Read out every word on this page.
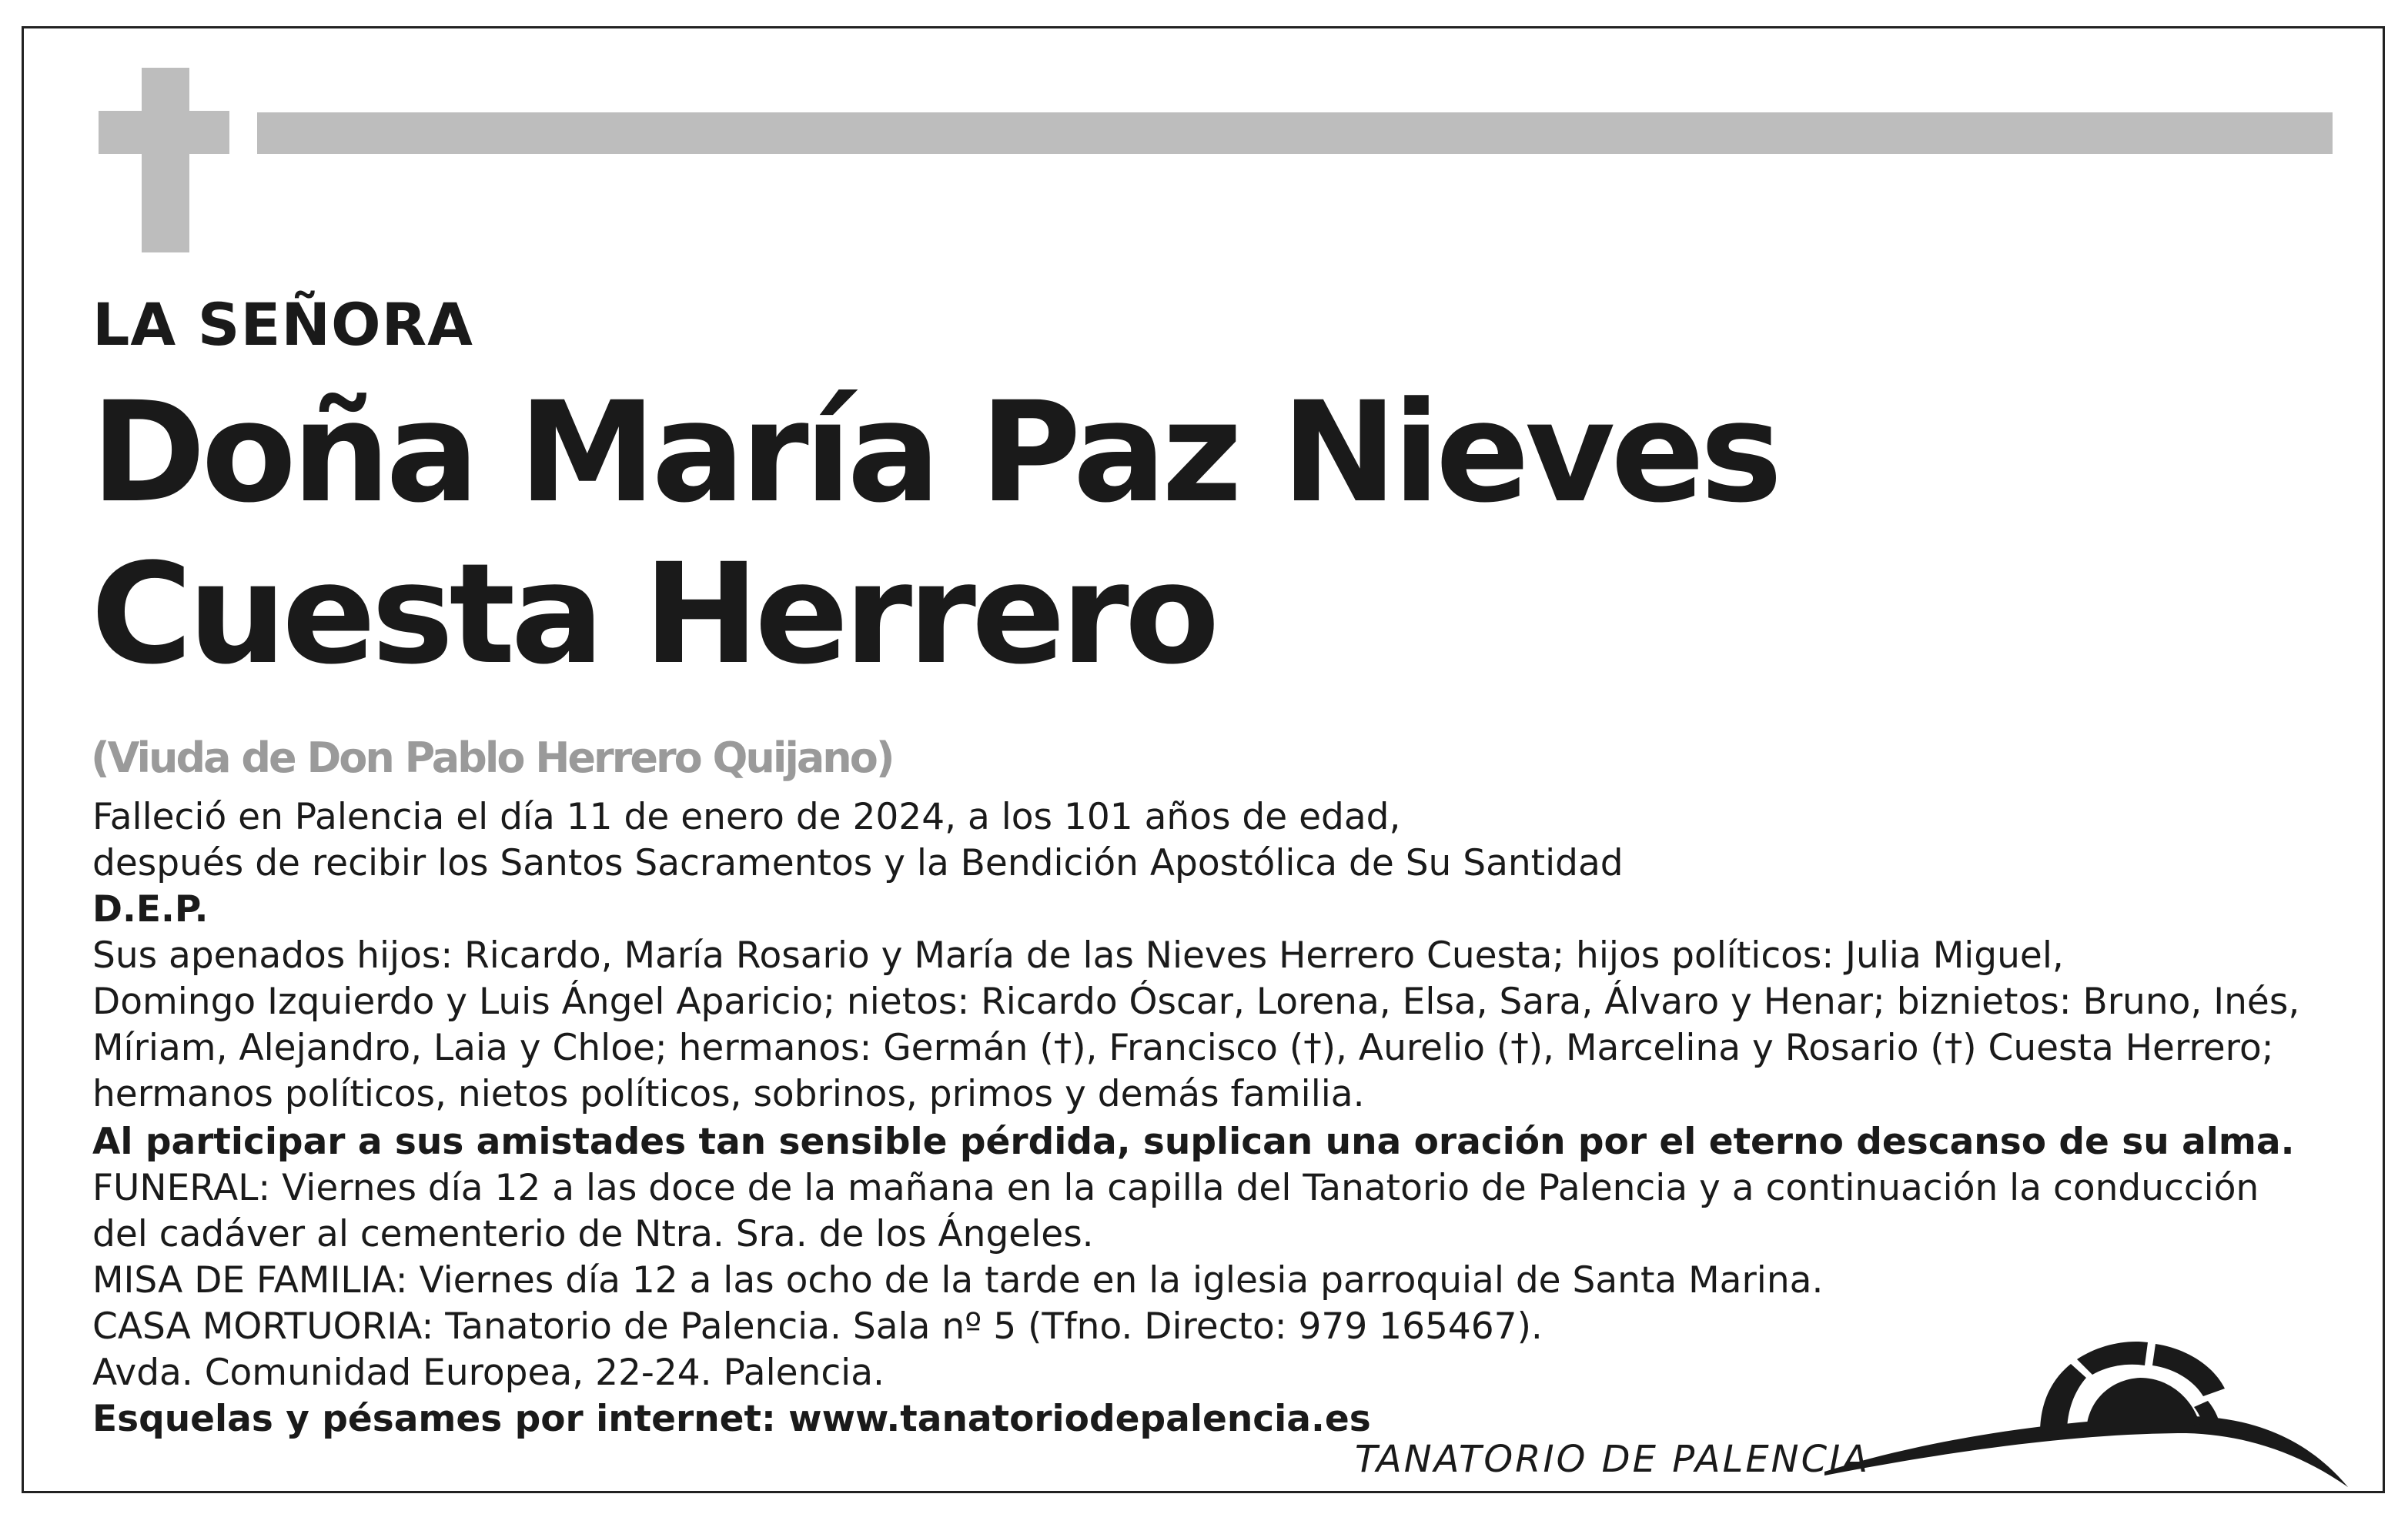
LA SEÑORA
Doña María Paz Nieves
Cuesta Herrero
(Viuda de Don Pablo Herrero Quijano)
Falleció en Palencia el día 11 de enero de 2024, a los 101 años de edad,
después de recibir los Santos Sacramentos y la Bendición Apostólica de Su Santidad
D.E.P.
Sus apenados hijos: Ricardo, María Rosario y María de las Nieves Herrero Cuesta; hijos políticos: Julia Miguel,
Domingo Izquierdo y Luis Ángel Aparicio; nietos: Ricardo Óscar, Lorena, Elsa, Sara, Álvaro y Henar; biznietos: Bruno, Inés,
Míriam, Alejandro, Laia y Chloe; hermanos: Germán (†), Francisco (†), Aurelio (†), Marcelina y Rosario (†) Cuesta Herrero;
hermanos políticos, nietos políticos, sobrinos, primos y demás familia.
Al participar a sus amistades tan sensible pérdida, suplican una oración por el eterno descanso de su alma.
FUNERAL: Viernes día 12 a las doce de la mañana en la capilla del Tanatorio de Palencia y a continuación la conducción
del cadáver al cementerio de Ntra. Sra. de los Ángeles.
MISA DE FAMILIA: Viernes día 12 a las ocho de la tarde en la iglesia parroquial de Santa Marina.
CASA MORTUORIA: Tanatorio de Palencia. Sala nº 5 (Tfno. Directo: 979 165467).
Avda. Comunidad Europea, 22-24. Palencia.
Esquelas y pésames por internet: www.tanatoriodepalencia.es
TANATORIO DE PALENCIA
